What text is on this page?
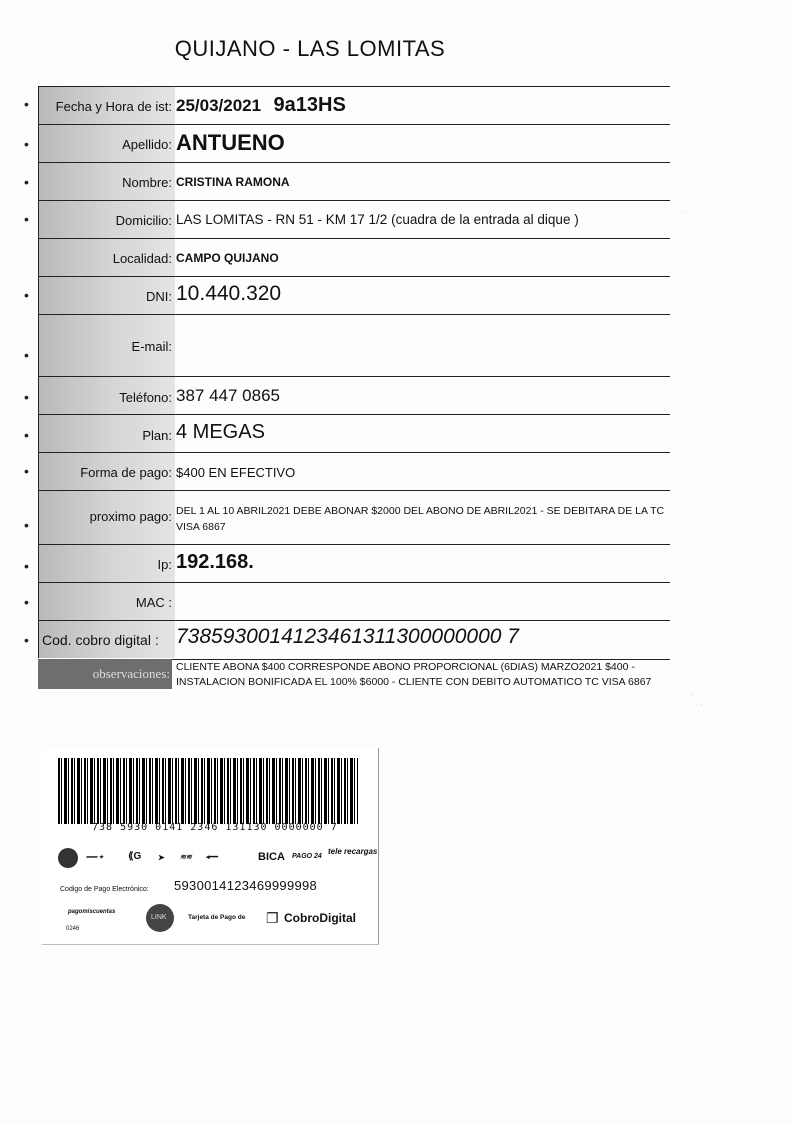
QUIJANO - LAS LOMITAS
•
•
•
•
•
•
•
•
•
•
•
•
•
Fecha y Hora de ist: 25/03/2021 9a13HS
Apellido: ANTUENO
Nombre: CRISTINA RAMONA
Domicilio: LAS LOMITAS - RN 51 - KM 17 1/2 (cuadra de la entrada al dique )
Localidad: CAMPO QUIJANO
DNI: 10.440.320
E-mail:
Teléfono: 387 447 0865
Plan: 4 MEGAS
Forma de pago: $400 EN EFECTIVO
proximo pago: DEL 1 AL 10 ABRIL2021 DEBE ABONAR $2000 DEL ABONO DE ABRIL2021 - SE DEBITARA DE LA TC VISA 6867
Ip: 192.168.
MAC :
Cod. cobro digital : 7385930014123461311300000000 7
observaciones: CLIENTE ABONA $400 CORRESPONDE ABONO PROPORCIONAL (6DIAS) MARZO2021 $400 - INSTALACION BONIFICADA EL 100% $6000 - CLIENTE CON DEBITO AUTOMATICO TC VISA 6867
·
·
·
738 5930 0141 2346 131130 0000000 7
━━━ ✦ ⟪G ➤ ≋≋ ◂━━	BICA PAGO 24
tele recargas
Codigo de Pago Electrónico: 5930014123469999998
pagomiscuentas
LINK	Tarjeta de Pago de ❐ CobroDigital
0246
